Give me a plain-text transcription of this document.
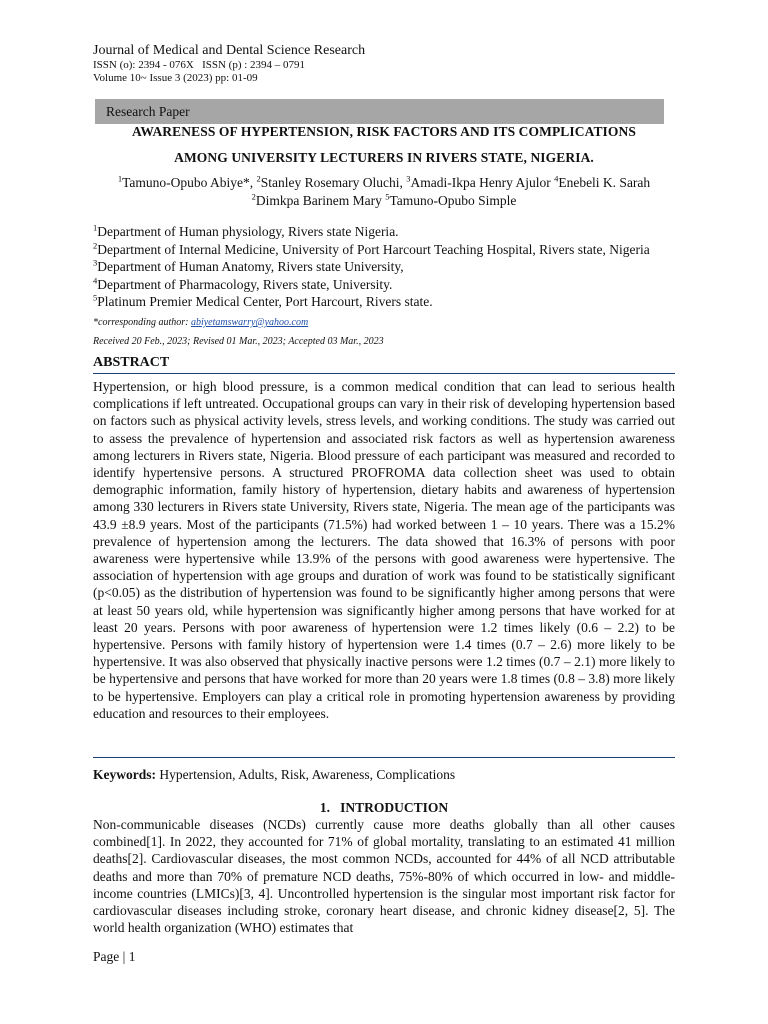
Journal of Medical and Dental Science Research
ISSN (o): 2394 - 076X   ISSN (p) : 2394 – 0791
Volume 10~ Issue 3 (2023) pp: 01-09
Research Paper
AWARENESS OF HYPERTENSION, RISK FACTORS AND ITS COMPLICATIONS
AMONG UNIVERSITY LECTURERS IN RIVERS STATE, NIGERIA.
$^1$Tamuno-Opubo Abiye*, $^2$Stanley Rosemary Oluchi, $^3$Amadi-Ikpa Henry Ajulor $^4$Enebeli K. Sarah $^2$Dimkpa Barinem Mary $^5$Tamuno-Opubo Simple
$^1$Department of Human physiology, Rivers state Nigeria.
$^2$Department of Internal Medicine, University of Port Harcourt Teaching Hospital, Rivers state, Nigeria
$^3$Department of Human Anatomy, Rivers state University,
$^4$Department of Pharmacology, Rivers state, University.
$^5$Platinum Premier Medical Center, Port Harcourt, Rivers state.
*corresponding author: abiyetamswarry@yahoo.com
Received 20 Feb., 2023; Revised 01 Mar., 2023; Accepted 03 Mar., 2023
ABSTRACT
Hypertension, or high blood pressure, is a common medical condition that can lead to serious health complications if left untreated. Occupational groups can vary in their risk of developing hypertension based on factors such as physical activity levels, stress levels, and working conditions. The study was carried out to assess the prevalence of hypertension and associated risk factors as well as hypertension awareness among lecturers in Rivers state, Nigeria. Blood pressure of each participant was measured and recorded to identify hypertensive persons. A structured PROFROMA data collection sheet was used to obtain demographic information, family history of hypertension, dietary habits and awareness of hypertension among 330 lecturers in Rivers state University, Rivers state, Nigeria. The mean age of the participants was 43.9 ±8.9 years. Most of the participants (71.5%) had worked between 1 – 10 years. There was a 15.2% prevalence of hypertension among the lecturers. The data showed that 16.3% of persons with poor awareness were hypertensive while 13.9% of the persons with good awareness were hypertensive. The association of hypertension with age groups and duration of work was found to be statistically significant (p<0.05) as the distribution of hypertension was found to be significantly higher among persons that were at least 50 years old, while hypertension was significantly higher among persons that have worked for at least 20 years. Persons with poor awareness of hypertension were 1.2 times likely (0.6 – 2.2) to be hypertensive. Persons with family history of hypertension were 1.4 times (0.7 – 2.6) more likely to be hypertensive. It was also observed that physically inactive persons were 1.2 times (0.7 – 2.1) more likely to be hypertensive and persons that have worked for more than 20 years were 1.8 times (0.8 – 3.8) more likely to be hypertensive. Employers can play a critical role in promoting hypertension awareness by providing education and resources to their employees.
Keywords: Hypertension, Adults, Risk, Awareness, Complications
1.   INTRODUCTION
Non-communicable diseases (NCDs) currently cause more deaths globally than all other causes combined[1]. In 2022, they accounted for 71% of global mortality, translating to an estimated 41 million deaths[2]. Cardiovascular diseases, the most common NCDs, accounted for 44% of all NCD attributable deaths and more than 70% of premature NCD deaths, 75%-80% of which occurred in low- and middle-income countries (LMICs)[3, 4]. Uncontrolled hypertension is the singular most important risk factor for cardiovascular diseases including stroke, coronary heart disease, and chronic kidney disease[2, 5]. The world health organization (WHO) estimates that
Page | 1
